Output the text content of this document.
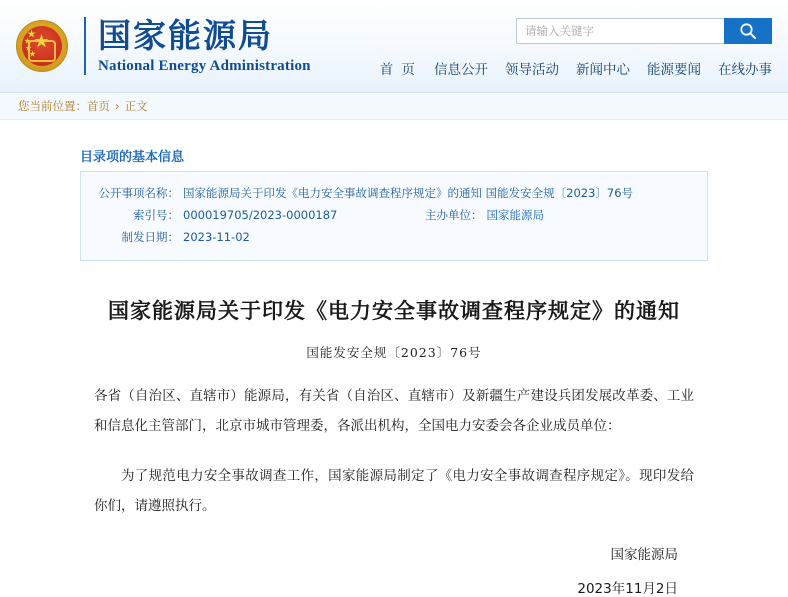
★
★
★
★
★ 国家能源局
National Energy Administration
请输入关键字	首 页 信息公开 领导活动 新闻中心 能源要闻 在线办事
您当前位置： 首页 › 正文
目录项的基本信息
公开事项名称： 国家能源局关于印发《电力安全事故调查程序规定》的通知 国能发安全规〔2023〕76号
索引号： 000019705/2023-0000187	主办单位： 国家能源局
制发日期： 2023-11-02
国家能源局关于印发《电力安全事故调查程序规定》的通知
国能发安全规〔2023〕76号
各省（自治区、直辖市）能源局，有关省（自治区、直辖市）及新疆生产建设兵团发展改革委、工业和信息化主管部门，北京市城市管理委，各派出机构，全国电力安委会各企业成员单位：
为了规范电力安全事故调查工作，国家能源局制定了《电力安全事故调查程序规定》。现印发给你们，请遵照执行。
国家能源局
2023年11月2日
